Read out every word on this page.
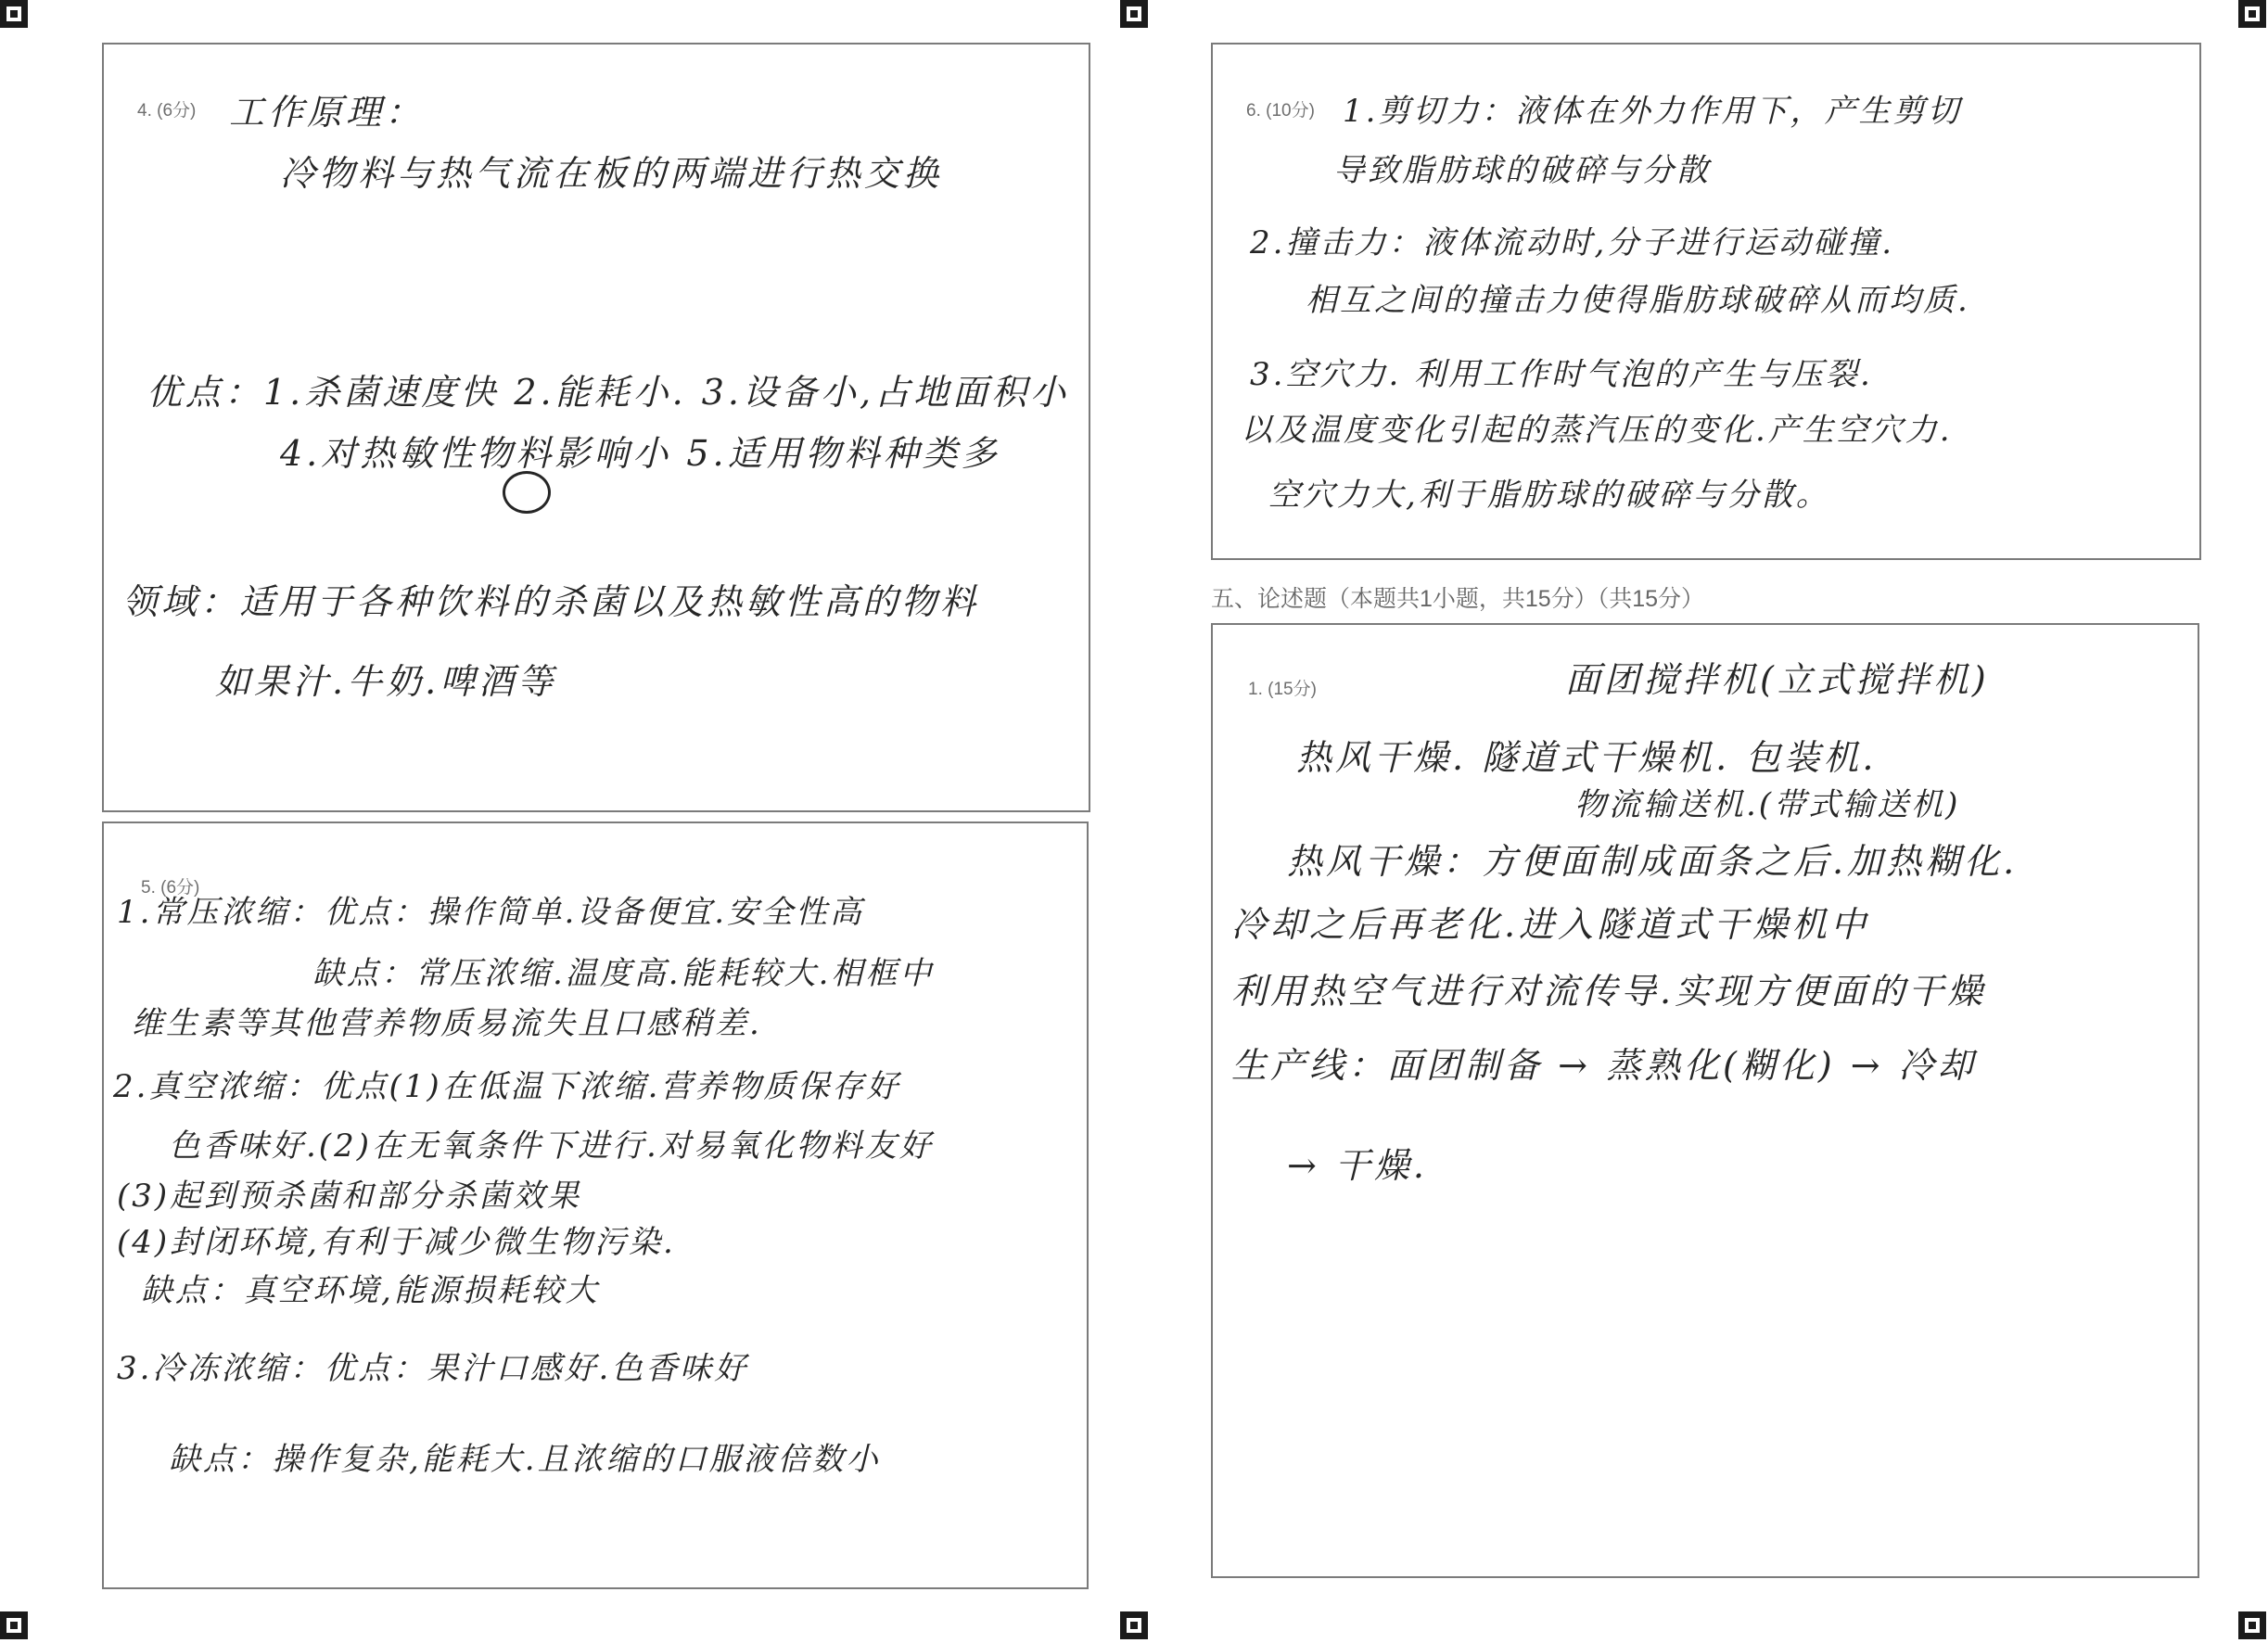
4. (6分) 工作原理：
冷物料与热气流在板的两端进行热交换
优点：1.杀菌速度快 2.能耗小. 3.设备小,占地面积小
4.对热敏性物料影响小 5.适用物料种类多
领域：适用于各种饮料的杀菌以及热敏性高的物料
如果汁.牛奶.啤酒等
5. (6分)
1.常压浓缩：优点：操作简单.设备便宜.安全性高
缺点：常压浓缩.温度高.能耗较大.相框中
维生素等其他营养物质易流失且口感稍差.
2.真空浓缩：优点(1)在低温下浓缩.营养物质保存好
色香味好.(2)在无氧条件下进行.对易氧化物料友好
(3)起到预杀菌和部分杀菌效果
(4)封闭环境,有利于减少微生物污染.
缺点：真空环境,能源损耗较大
3.冷冻浓缩：优点：果汁口感好.色香味好
缺点：操作复杂,能耗大.且浓缩的口服液倍数小
6. (10分) 1.剪切力：液体在外力作用下，产生剪切
导致脂肪球的破碎与分散
2.撞击力：液体流动时,分子进行运动碰撞.
相互之间的撞击力使得脂肪球破碎从而均质.
3.空穴力. 利用工作时气泡的产生与压裂.
以及温度变化引起的蒸汽压的变化.产生空穴力.
空穴力大,利于脂肪球的破碎与分散。
五、论述题（本题共1小题，共15分）（共15分）
1. (15分)	面团搅拌机(立式搅拌机)
热风干燥. 隧道式干燥机. 包装机.
物流输送机.(带式输送机)
热风干燥：方便面制成面条之后.加热糊化.
冷却之后再老化.进入隧道式干燥机中
利用热空气进行对流传导.实现方便面的干燥
生产线：面团制备 → 蒸熟化(糊化) → 冷却
→ 干燥.
